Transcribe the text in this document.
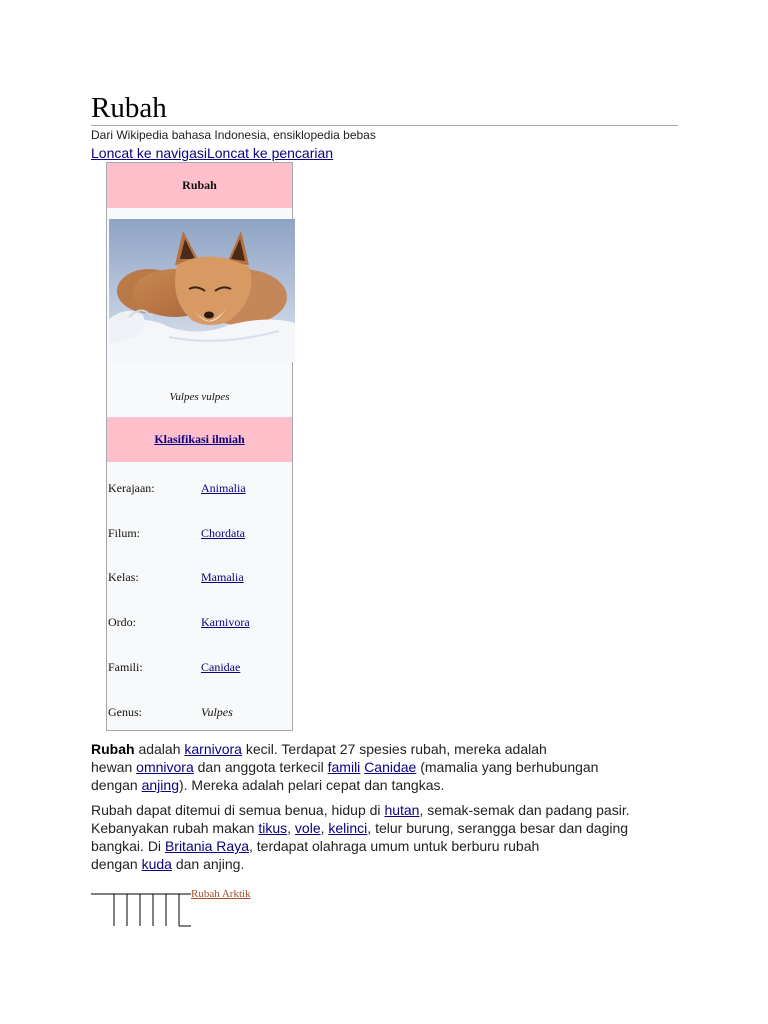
Rubah
Dari Wikipedia bahasa Indonesia, ensiklopedia bebas
Loncat ke navigasiLoncat ke pencarian
Rubah
Vulpes vulpes
Klasifikasi ilmiah
Kerajaan:	Animalia
Filum:	Chordata
Kelas:	Mamalia
Ordo:	Karnivora
Famili:	Canidae
Genus:	Vulpes

Rubah adalah karnivora kecil. Terdapat 27 spesies rubah, mereka adalah
hewan omnivora dan anggota terkecil famili Canidae (mamalia yang berhubungan
dengan anjing). Mereka adalah pelari cepat dan tangkas.

Rubah dapat ditemui di semua benua, hidup di hutan, semak-semak dan padang pasir.
Kebanyakan rubah makan tikus, vole, kelinci, telur burung, serangga besar dan daging
bangkai. Di Britania Raya, terdapat olahraga umum untuk berburu rubah
dengan kuda dan anjing.

Rubah Arktik
